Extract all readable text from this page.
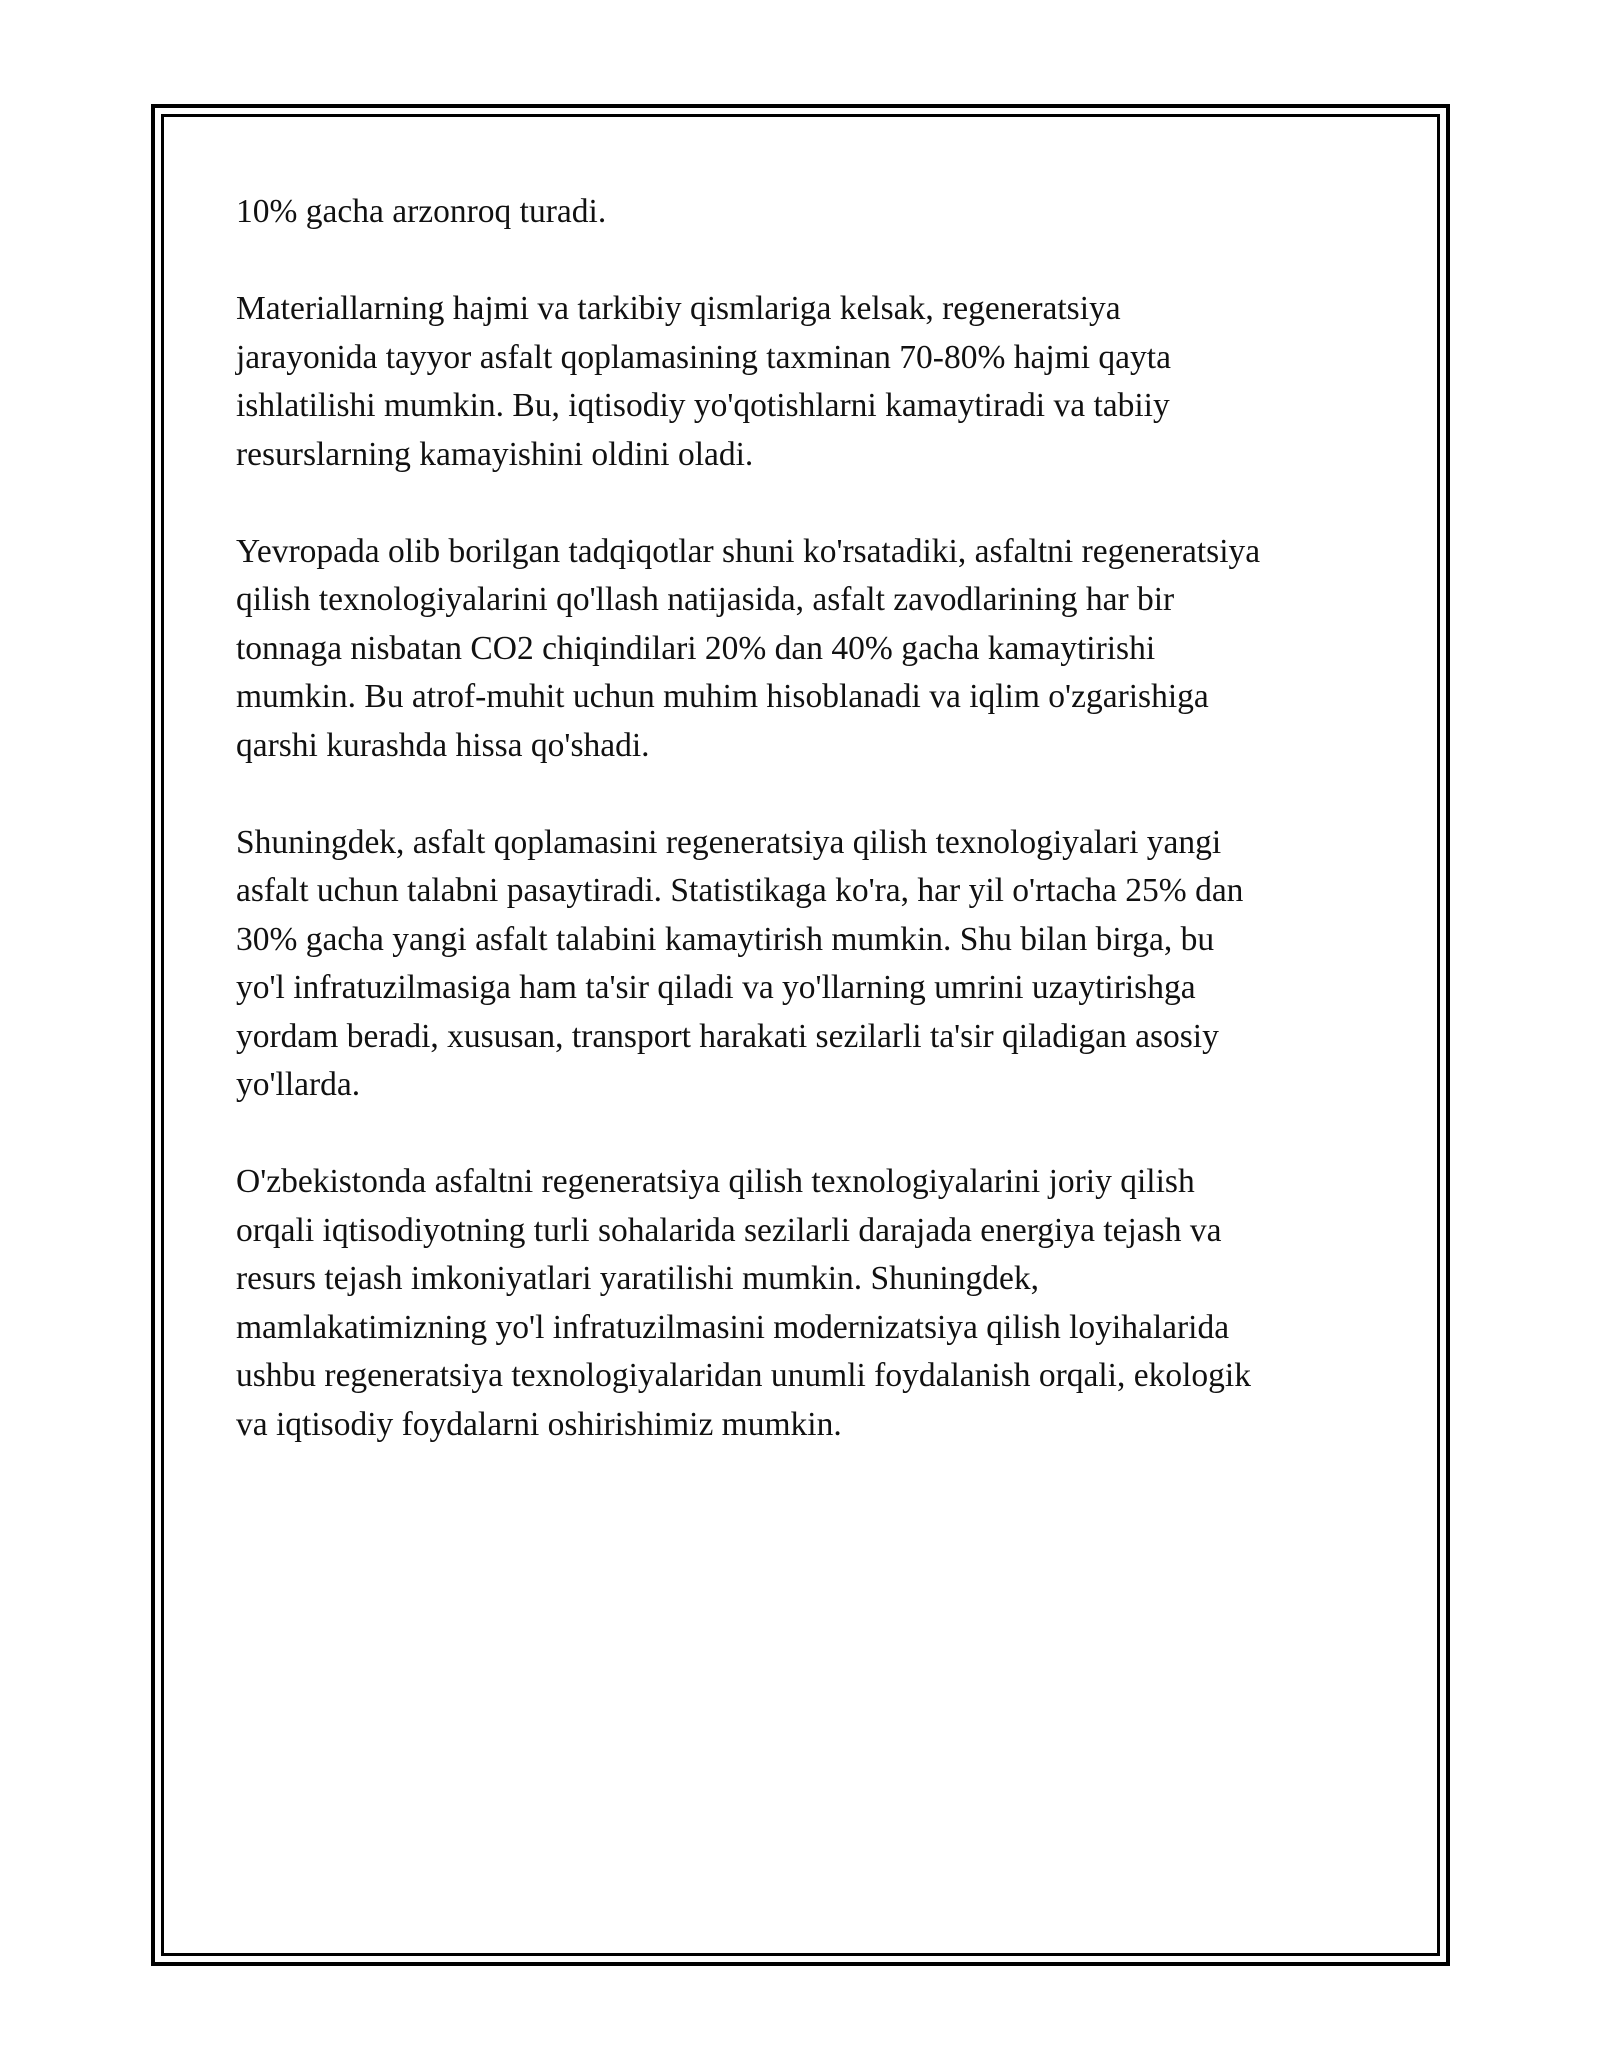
10% gacha arzonroq turadi.

Materiallarning hajmi va tarkibiy qismlariga kelsak, regeneratsiya
jarayonida tayyor asfalt qoplamasining taxminan 70-80% hajmi qayta
ishlatilishi mumkin. Bu, iqtisodiy yo'qotishlarni kamaytiradi va tabiiy
resurslarning kamayishini oldini oladi.

Yevropada olib borilgan tadqiqotlar shuni ko'rsatadiki, asfaltni regeneratsiya
qilish texnologiyalarini qo'llash natijasida, asfalt zavodlarining har bir
tonnaga nisbatan CO2 chiqindilari 20% dan 40% gacha kamaytirishi
mumkin. Bu atrof-muhit uchun muhim hisoblanadi va iqlim o'zgarishiga
qarshi kurashda hissa qo'shadi.

Shuningdek, asfalt qoplamasini regeneratsiya qilish texnologiyalari yangi
asfalt uchun talabni pasaytiradi. Statistikaga ko'ra, har yil o'rtacha 25% dan
30% gacha yangi asfalt talabini kamaytirish mumkin. Shu bilan birga, bu
yo'l infratuzilmasiga ham ta'sir qiladi va yo'llarning umrini uzaytirishga
yordam beradi, xususan, transport harakati sezilarli ta'sir qiladigan asosiy
yo'llarda.

O'zbekistonda asfaltni regeneratsiya qilish texnologiyalarini joriy qilish
orqali iqtisodiyotning turli sohalarida sezilarli darajada energiya tejash va
resurs tejash imkoniyatlari yaratilishi mumkin. Shuningdek,
mamlakatimizning yo'l infratuzilmasini modernizatsiya qilish loyihalarida
ushbu regeneratsiya texnologiyalaridan unumli foydalanish orqali, ekologik
va iqtisodiy foydalarni oshirishimiz mumkin.
